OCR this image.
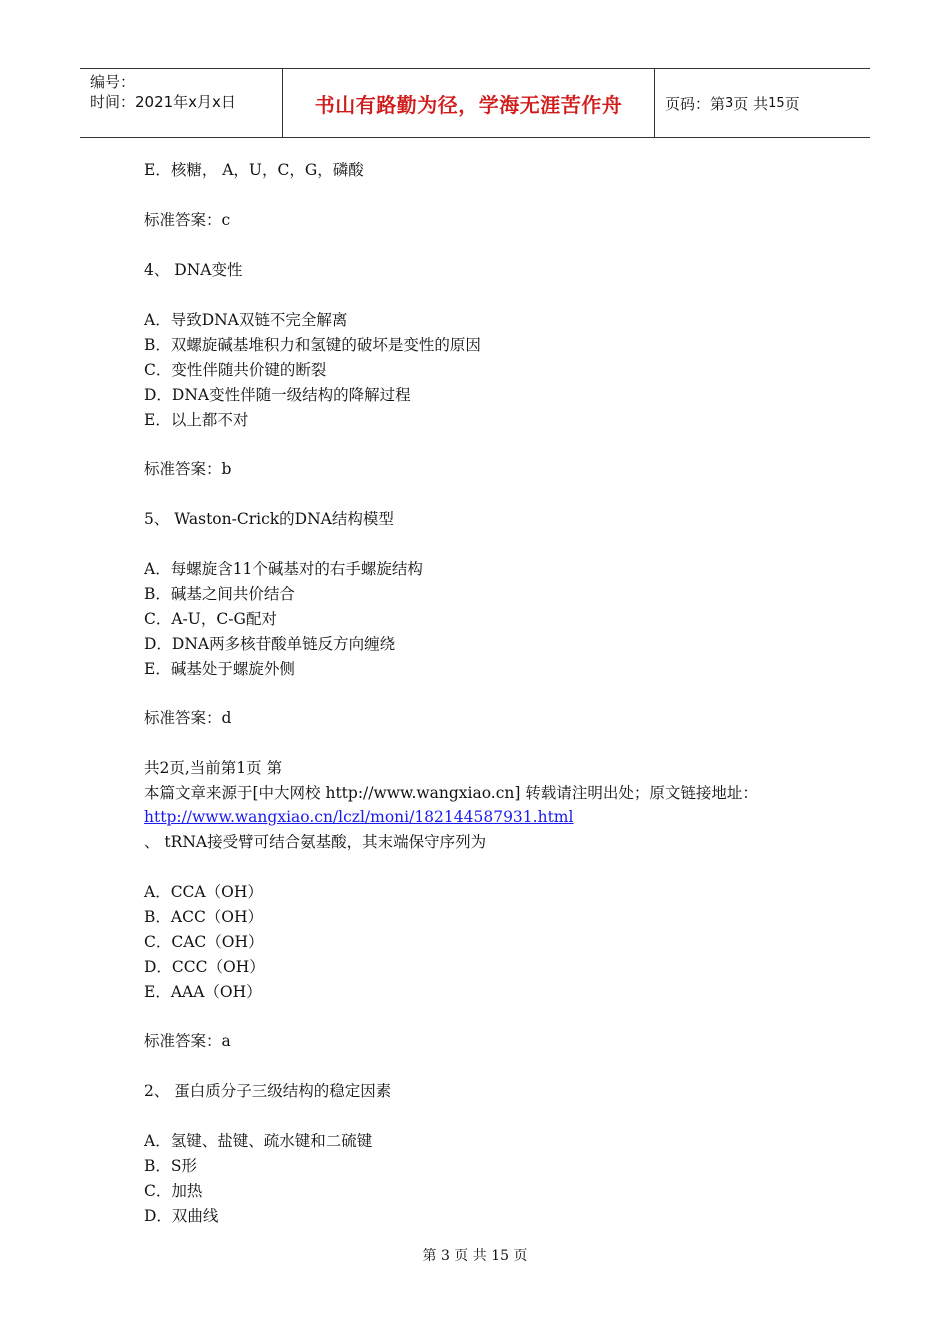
编号：
时间：2021年x月x日	书山有路勤为径，学海无涯苦作舟	页码：第 3 页 共 15 页
E．核糖， A，U，C，G，磷酸
标准答案：c
4、 DNA变性
A．导致DNA双链不完全解离
B．双螺旋碱基堆积力和氢键的破坏是变性的原因
C．变性伴随共价键的断裂
D．DNA变性伴随一级结构的降解过程
E．以上都不对
标准答案：b
5、 Waston-Crick的DNA结构模型
A．每螺旋含11个碱基对的右手螺旋结构
B．碱基之间共价结合
C．A-U，C-G配对
D．DNA两多核苷酸单链反方向缠绕
E．碱基处于螺旋外侧
标准答案：d
共2页,当前第1页 第
本篇文章来源于[中大网校 http://www.wangxiao.cn] 转载请注明出处；原文链接地址：
http://www.wangxiao.cn/lczl/moni/182144587931.html
、 tRNA接受臂可结合氨基酸，其末端保守序列为
A．CCA（OH）
B．ACC（OH）
C．CAC（OH）
D．CCC（OH）
E．AAA（OH）
标准答案：a
2、 蛋白质分子三级结构的稳定因素
A．氢键、盐键、疏水键和二硫键
B．S形
C．加热
D．双曲线
第 3 页 共 15 页
